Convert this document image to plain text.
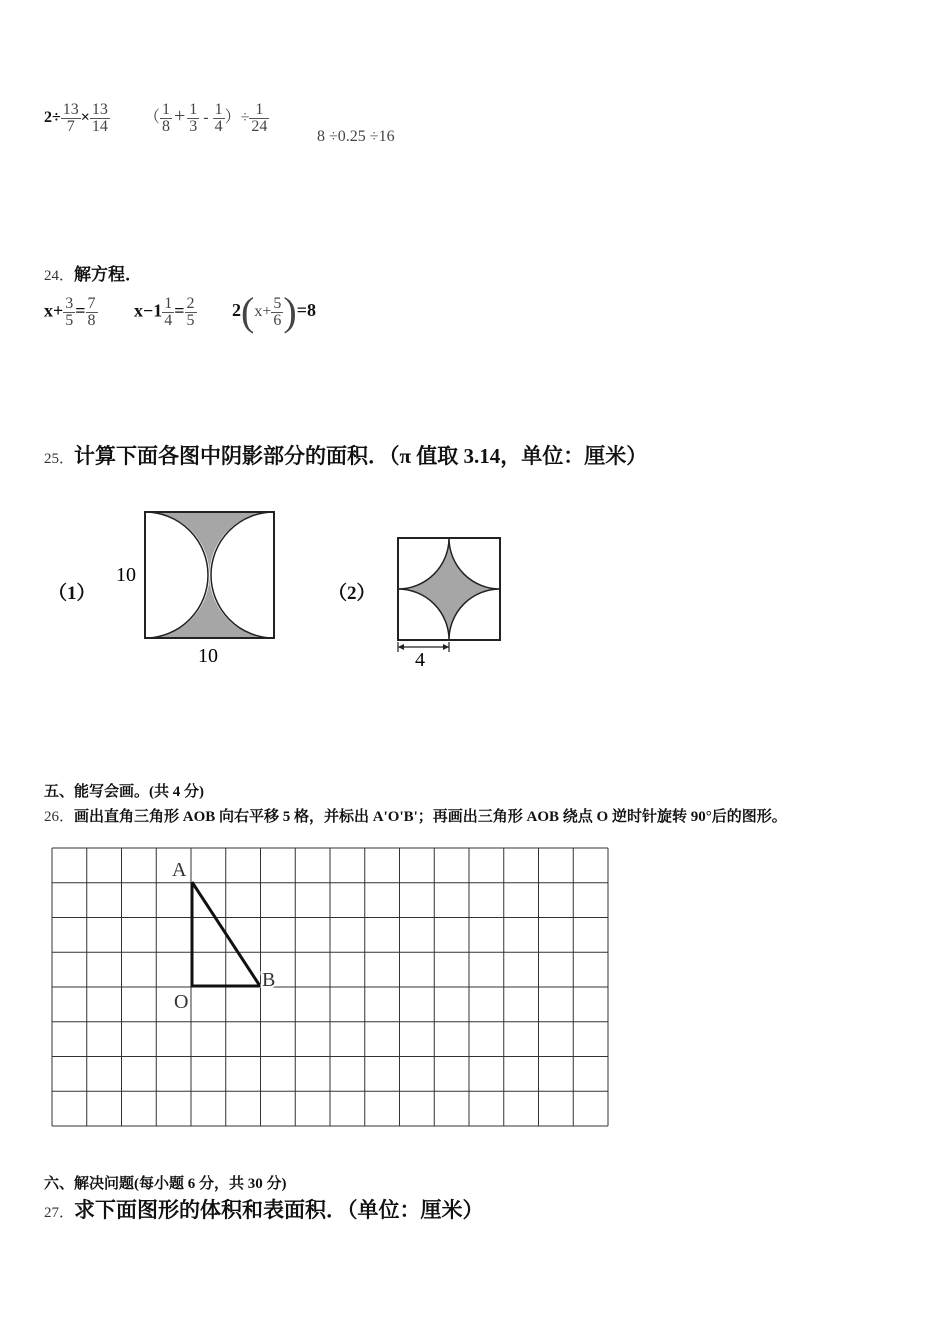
$2\div \frac{13}{7} \times \frac{13}{14}$ （ $\frac{1}{8} + \frac{1}{3} - \frac{1}{4}$ ）÷ $\frac{1}{24}$
8 ÷0.25 ÷16
24．解方程．
$x+ \frac{3}{5} = \frac{7}{8} x-1 \frac{1}{4} = \frac{2}{5} 2(x+ \frac{5}{6} )=8$
25．计算下面各图中阴影部分的面积．（π 值取 3.14，单位：厘米）
（1）
10
10
（2）
4
五、能写会画。(共 4 分)
26．画出直角三角形 AOB 向右平移 5 格，并标出 A'O'B'；再画出三角形 AOB 绕点 O 逆时针旋转 90°后的图形。
A
O
B
六、解决问题(每小题 6 分，共 30 分)
27．求下面图形的体积和表面积．（单位：厘米）
